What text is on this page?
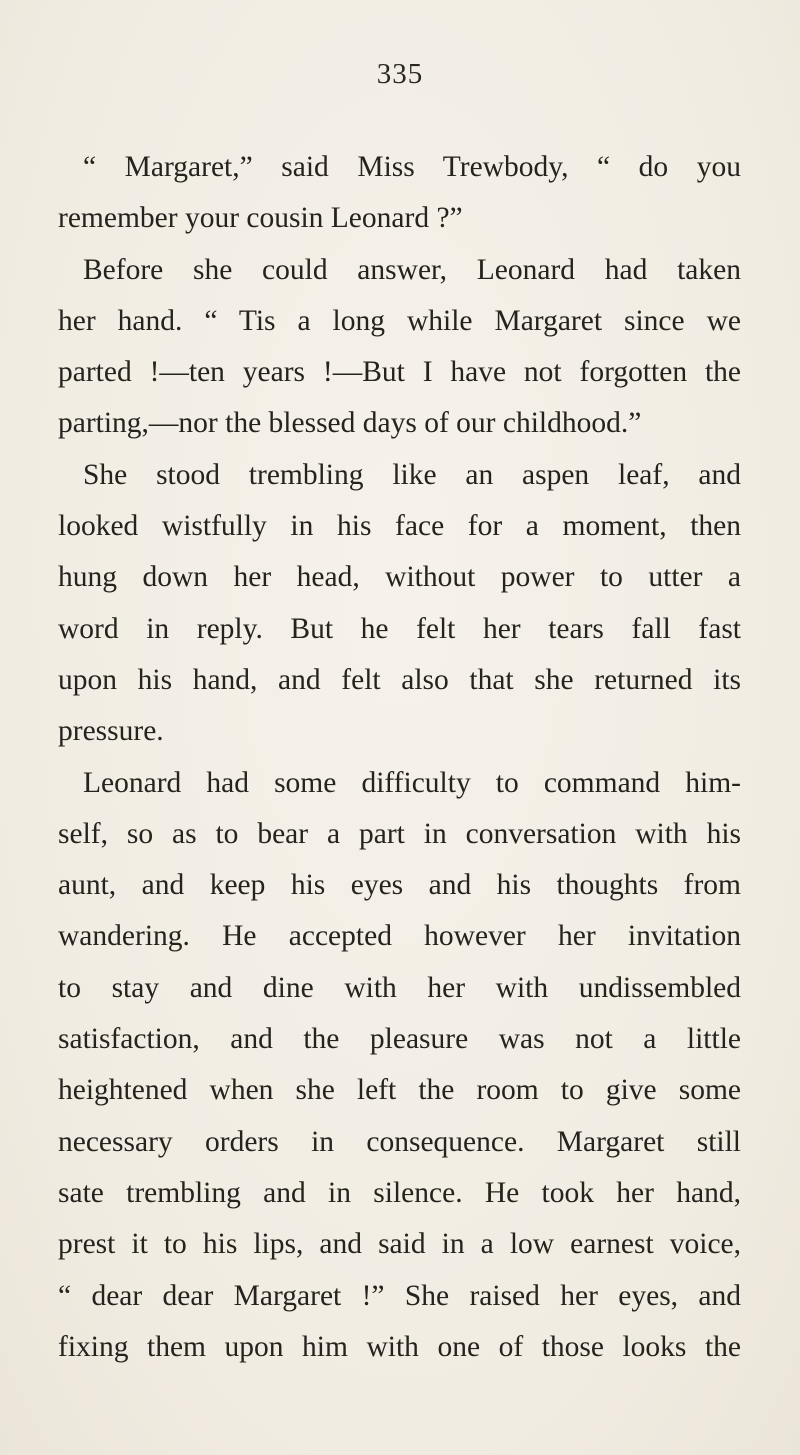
335
“ Margaret,” said Miss Trewbody, “ do you
remember your cousin Leonard ?”
Before she could answer, Leonard had taken
her hand. “ Tis a long while Margaret since we
parted !—ten years !—But I have not forgotten the
parting,—nor the blessed days of our childhood.”
She stood trembling like an aspen leaf, and
looked wistfully in his face for a moment, then
hung down her head, without power to utter a
word in reply. But he felt her tears fall fast
upon his hand, and felt also that she returned its
pressure.
Leonard had some difficulty to command him-
self, so as to bear a part in conversation with his
aunt, and keep his eyes and his thoughts from
wandering. He accepted however her invitation
to stay and dine with her with undissembled
satisfaction, and the pleasure was not a little
heightened when she left the room to give some
necessary orders in consequence. Margaret still
sate trembling and in silence. He took her hand,
prest it to his lips, and said in a low earnest voice,
“ dear dear Margaret !” She raised her eyes, and
fixing them upon him with one of those looks the
